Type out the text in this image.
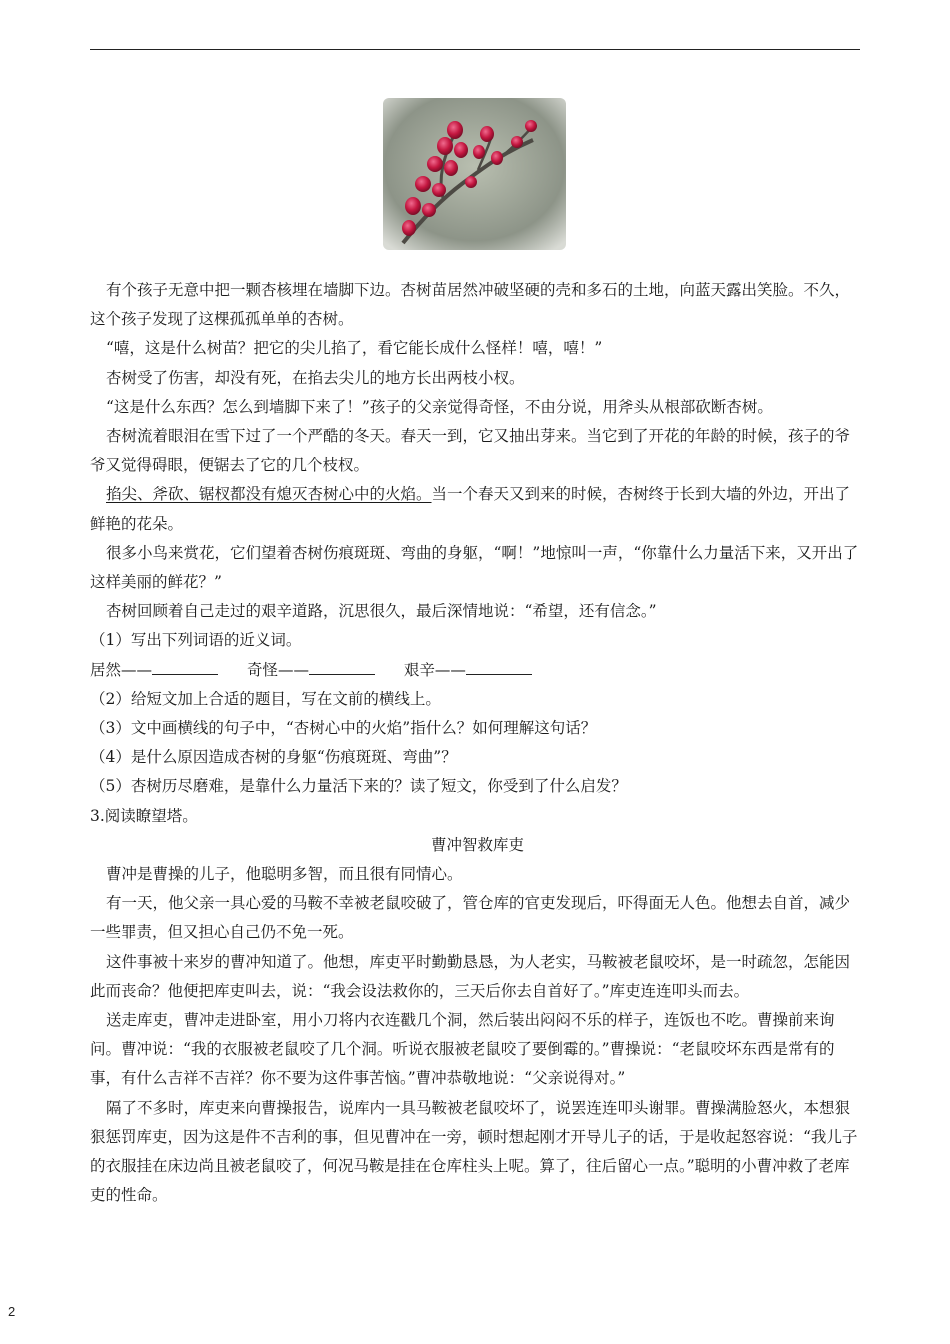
有个孩子无意中把一颗杏核埋在墙脚下边。杏树苗居然冲破坚硬的壳和多石的土地，向蓝天露出笑脸。不久，这个孩子发现了这棵孤孤单单的杏树。

“嘻，这是什么树苗？把它的尖儿掐了，看它能长成什么怪样！嘻，嘻！”

杏树受了伤害，却没有死，在掐去尖儿的地方长出两枝小杈。

“这是什么东西？怎么到墙脚下来了！”孩子的父亲觉得奇怪，不由分说，用斧头从根部砍断杏树。

杏树流着眼泪在雪下过了一个严酷的冬天。春天一到，它又抽出芽来。当它到了开花的年龄的时候，孩子的爷爷又觉得碍眼，便锯去了它的几个枝杈。

掐尖、斧砍、锯杈都没有熄灭杏树心中的火焰。当一个春天又到来的时候，杏树终于长到大墙的外边，开出了鲜艳的花朵。

很多小鸟来赏花，它们望着杏树伤痕斑斑、弯曲的身躯，“啊！”地惊叫一声，“你靠什么力量活下来，又开出了这样美丽的鲜花？”

杏树回顾着自己走过的艰辛道路，沉思很久，最后深情地说：“希望，还有信念。”

（1）写出下列词语的近义词。

居然——	奇怪——	艰辛——

（2）给短文加上合适的题目，写在文前的横线上。

（3）文中画横线的句子中，“杏树心中的火焰”指什么？如何理解这句话？

（4）是什么原因造成杏树的身躯“伤痕斑斑、弯曲”？

（5）杏树历尽磨难，是靠什么力量活下来的？读了短文，你受到了什么启发？

3.阅读瞭望塔。

曹冲智救库吏

曹冲是曹操的儿子，他聪明多智，而且很有同情心。

有一天，他父亲一具心爱的马鞍不幸被老鼠咬破了，管仓库的官吏发现后，吓得面无人色。他想去自首，减少一些罪责，但又担心自己仍不免一死。

这件事被十来岁的曹冲知道了。他想，库吏平时勤勤恳恳，为人老实，马鞍被老鼠咬坏，是一时疏忽，怎能因此而丧命？他便把库吏叫去，说：“我会设法救你的，三天后你去自首好了。”库吏连连叩头而去。

送走库吏，曹冲走进卧室，用小刀将内衣连戳几个洞，然后装出闷闷不乐的样子，连饭也不吃。曹操前来询问。曹冲说：“我的衣服被老鼠咬了几个洞。听说衣服被老鼠咬了要倒霉的。”曹操说：“老鼠咬坏东西是常有的事，有什么吉祥不吉祥？你不要为这件事苦恼。”曹冲恭敬地说：“父亲说得对。”

隔了不多时，库吏来向曹操报告，说库内一具马鞍被老鼠咬坏了，说罢连连叩头谢罪。曹操满脸怒火，本想狠狠惩罚库吏，因为这是件不吉利的事，但见曹冲在一旁，顿时想起刚才开导儿子的话，于是收起怒容说：“我儿子的衣服挂在床边尚且被老鼠咬了，何况马鞍是挂在仓库柱头上呢。算了，往后留心一点。”聪明的小曹冲救了老库吏的性命。

2
